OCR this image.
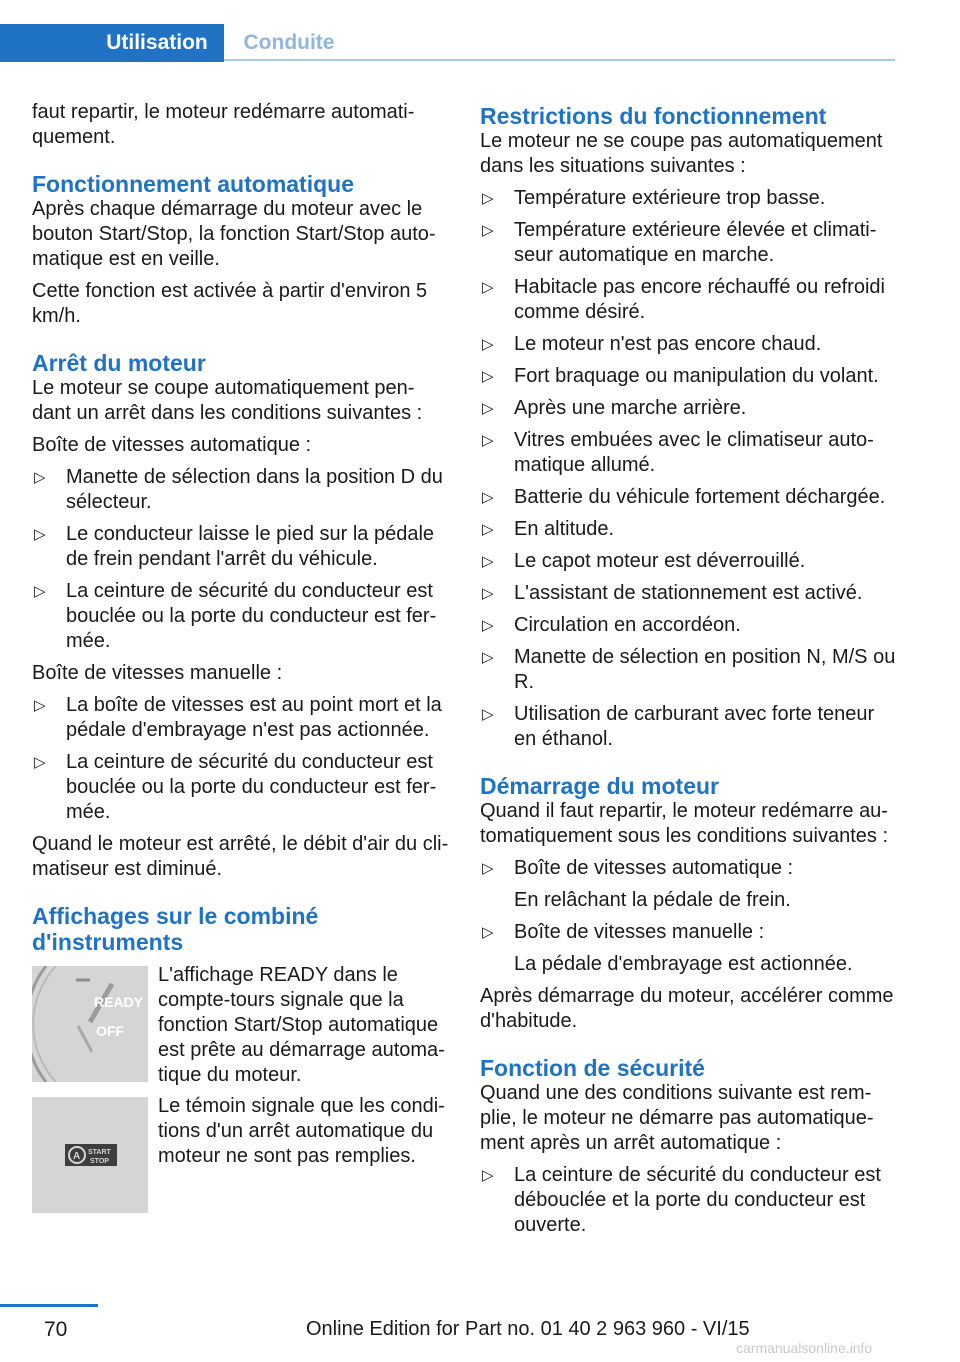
Utilisation	Conduite

faut repartir, le moteur redémarre automati- quement.

Fonctionnement automatique

Après chaque démarrage du moteur avec le bouton Start/Stop, la fonction Start/Stop auto- matique est en veille.

Cette fonction est activée à partir d'environ 5 km/h.

Arrêt du moteur

Le moteur se coupe automatiquement pen- dant un arrêt dans les conditions suivantes :

Boîte de vitesses automatique :

▷ Manette de sélection dans la position D du sélecteur.
▷ Le conducteur laisse le pied sur la pédale de frein pendant l'arrêt du véhicule.
▷ La ceinture de sécurité du conducteur est bouclée ou la porte du conducteur est fer- mée.

Boîte de vitesses manuelle :

▷ La boîte de vitesses est au point mort et la pédale d'embrayage n'est pas actionnée.
▷ La ceinture de sécurité du conducteur est bouclée ou la porte du conducteur est fer- mée.

Quand le moteur est arrêté, le débit d'air du cli- matiseur est diminué.

Affichages sur le combiné d'instruments
READY
OFF
L'affichage READY dans le compte-tours signale que la fonction Start/Stop automatique est prête au démarrage automa- tique du moteur.
A START
STOP
Le témoin signale que les condi- tions d'un arrêt automatique du moteur ne sont pas remplies.
Restrictions du fonctionnement

Le moteur ne se coupe pas automatiquement dans les situations suivantes :

▷ Température extérieure trop basse.
▷ Température extérieure élevée et climati- seur automatique en marche.
▷ Habitacle pas encore réchauffé ou refroidi comme désiré.
▷ Le moteur n'est pas encore chaud.
▷ Fort braquage ou manipulation du volant.
▷ Après une marche arrière.
▷ Vitres embuées avec le climatiseur auto- matique allumé.
▷ Batterie du véhicule fortement déchargée.
▷ En altitude.
▷ Le capot moteur est déverrouillé.
▷ L'assistant de stationnement est activé.
▷ Circulation en accordéon.
▷ Manette de sélection en position N, M/S ou R.
▷ Utilisation de carburant avec forte teneur en éthanol.
Démarrage du moteur

Quand il faut repartir, le moteur redémarre au- tomatiquement sous les conditions suivantes :

▷ Boîte de vitesses automatique :
En relâchant la pédale de frein.
▷ Boîte de vitesses manuelle :
La pédale d'embrayage est actionnée.

Après démarrage du moteur, accélérer comme d'habitude.

Fonction de sécurité

Quand une des conditions suivante est rem- plie, le moteur ne démarre pas automatique- ment après un arrêt automatique :

▷ La ceinture de sécurité du conducteur est débouclée et la porte du conducteur est ouverte.
70	Online Edition for Part no. 01 40 2 963 960 - VI/15
carmanualsonline.info
